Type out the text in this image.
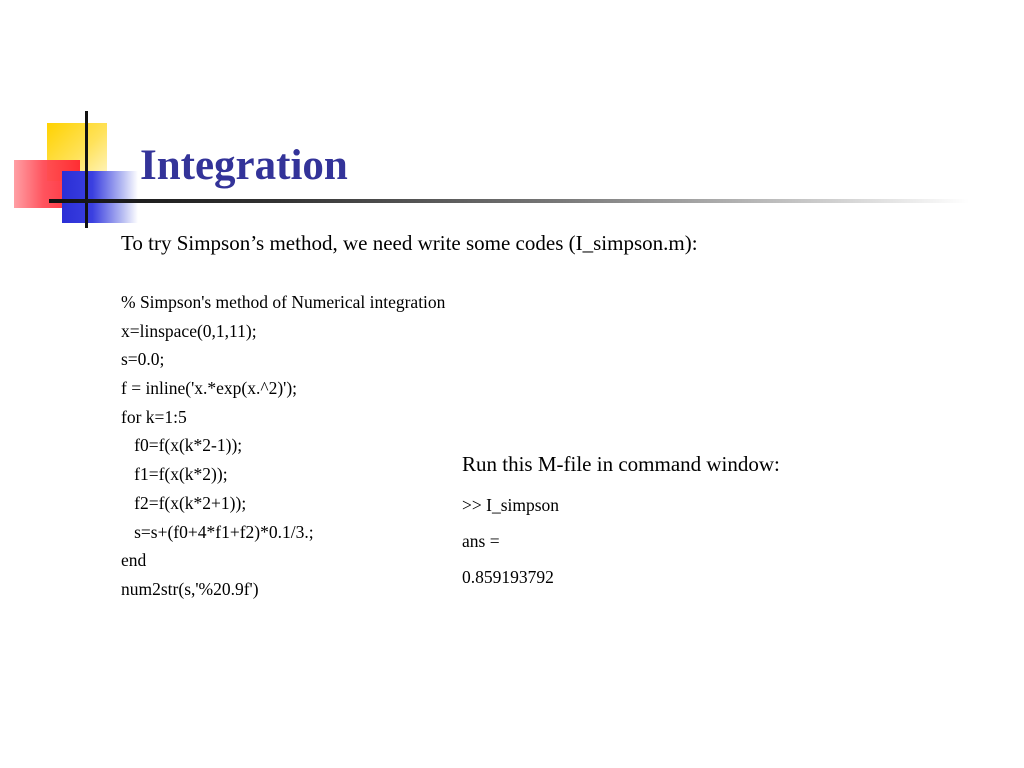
Integration

To try Simpson’s method, we need write some codes (I_simpson.m):

% Simpson's method of Numerical integration
x=linspace(0,1,11);
s=0.0;
f = inline('x.*exp(x.^2)');
for k=1:5
f0=f(x(k*2-1));
f1=f(x(k*2));
f2=f(x(k*2+1));
s=s+(f0+4*f1+f2)*0.1/3.;
end
num2str(s,'%20.9f')

Run this M-file in command window:

>> I_simpson
ans =
0.859193792
